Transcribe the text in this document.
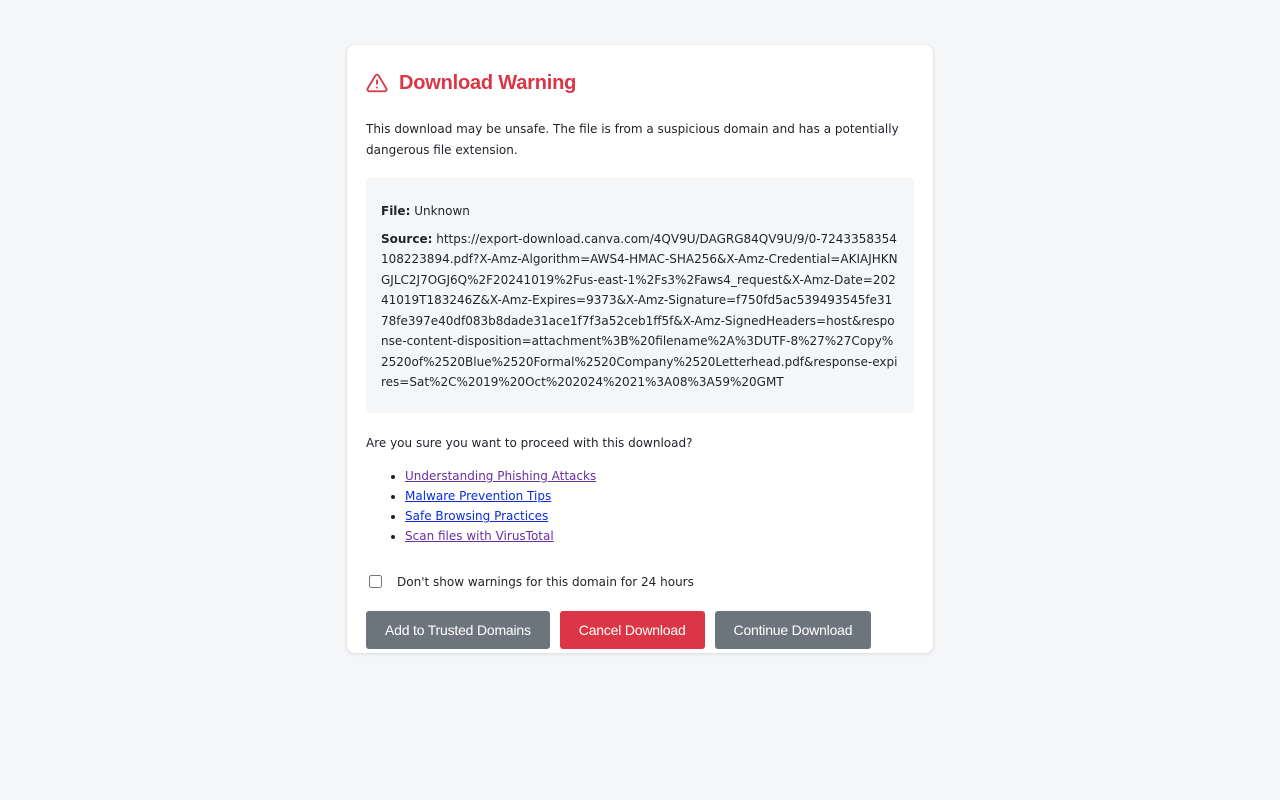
Download Warning

This download may be unsafe. The file is from a suspicious domain and has a potentially dangerous file extension.

File: Unknown
Source: https://export-download.canva.com/4QV9U/DAGRG84QV9U/9/0-7243358354108223894.pdf?X-Amz-Algorithm=AWS4-HMAC-SHA256&X-Amz-Credential=AKIAJHKNGJLC2J7OGJ6Q%2F20241019%2Fus-east-1%2Fs3%2Faws4_request&X-Amz-Date=20241019T183246Z&X-Amz-Expires=9373&X-Amz-Signature=f750fd5ac539493545fe3178fe397e40df083b8dade31ace1f7f3a52ceb1ff5f&X-Amz-SignedHeaders=host&response-content-disposition=attachment%3B%20filename%2A%3DUTF-8%27%27Copy%2520of%2520Blue%2520Formal%2520Company%2520Letterhead.pdf&response-expires=Sat%2C%2019%20Oct%202024%2021%3A08%3A59%20GMT
Are you sure you want to proceed with this download?
• Understanding Phishing Attacks
• Malware Prevention Tips
• Safe Browsing Practices
• Scan files with VirusTotal
Don't show warnings for this domain for 24 hours
Add to Trusted Domains	Cancel Download	Continue Download
